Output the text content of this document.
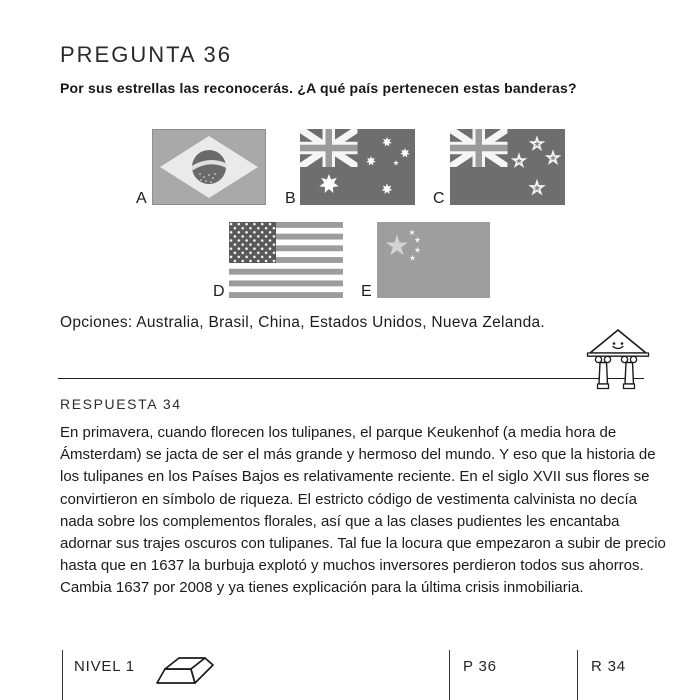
PREGUNTA 36
Por sus estrellas las reconocerás. ¿A qué país pertenecen estas banderas?
A	B	C
D	E
Opciones: Australia, Brasil, China, Estados Unidos, Nueva Zelanda.
RESPUESTA 34
En primavera, cuando florecen los tulipanes, el parque Keukenhof (a media hora de Ámsterdam) se jacta de ser el más grande y hermoso del mundo. Y eso que la historia de los tulipanes en los Países Bajos es relativamente reciente. En el siglo XVII sus flores se convirtieron en símbolo de riqueza. El estricto código de vestimenta calvinista no decía nada sobre los complementos florales, así que a las clases pudientes les encantaba adornar sus trajes oscuros con tulipanes. Tal fue la locura que empezaron a subir de precio hasta que en 1637 la burbuja explotó y muchos inversores perdieron todos sus ahorros. Cambia 1637 por 2008 y ya tienes explicación para la última crisis inmobiliaria.
NIVEL 1	P 36	R 34
